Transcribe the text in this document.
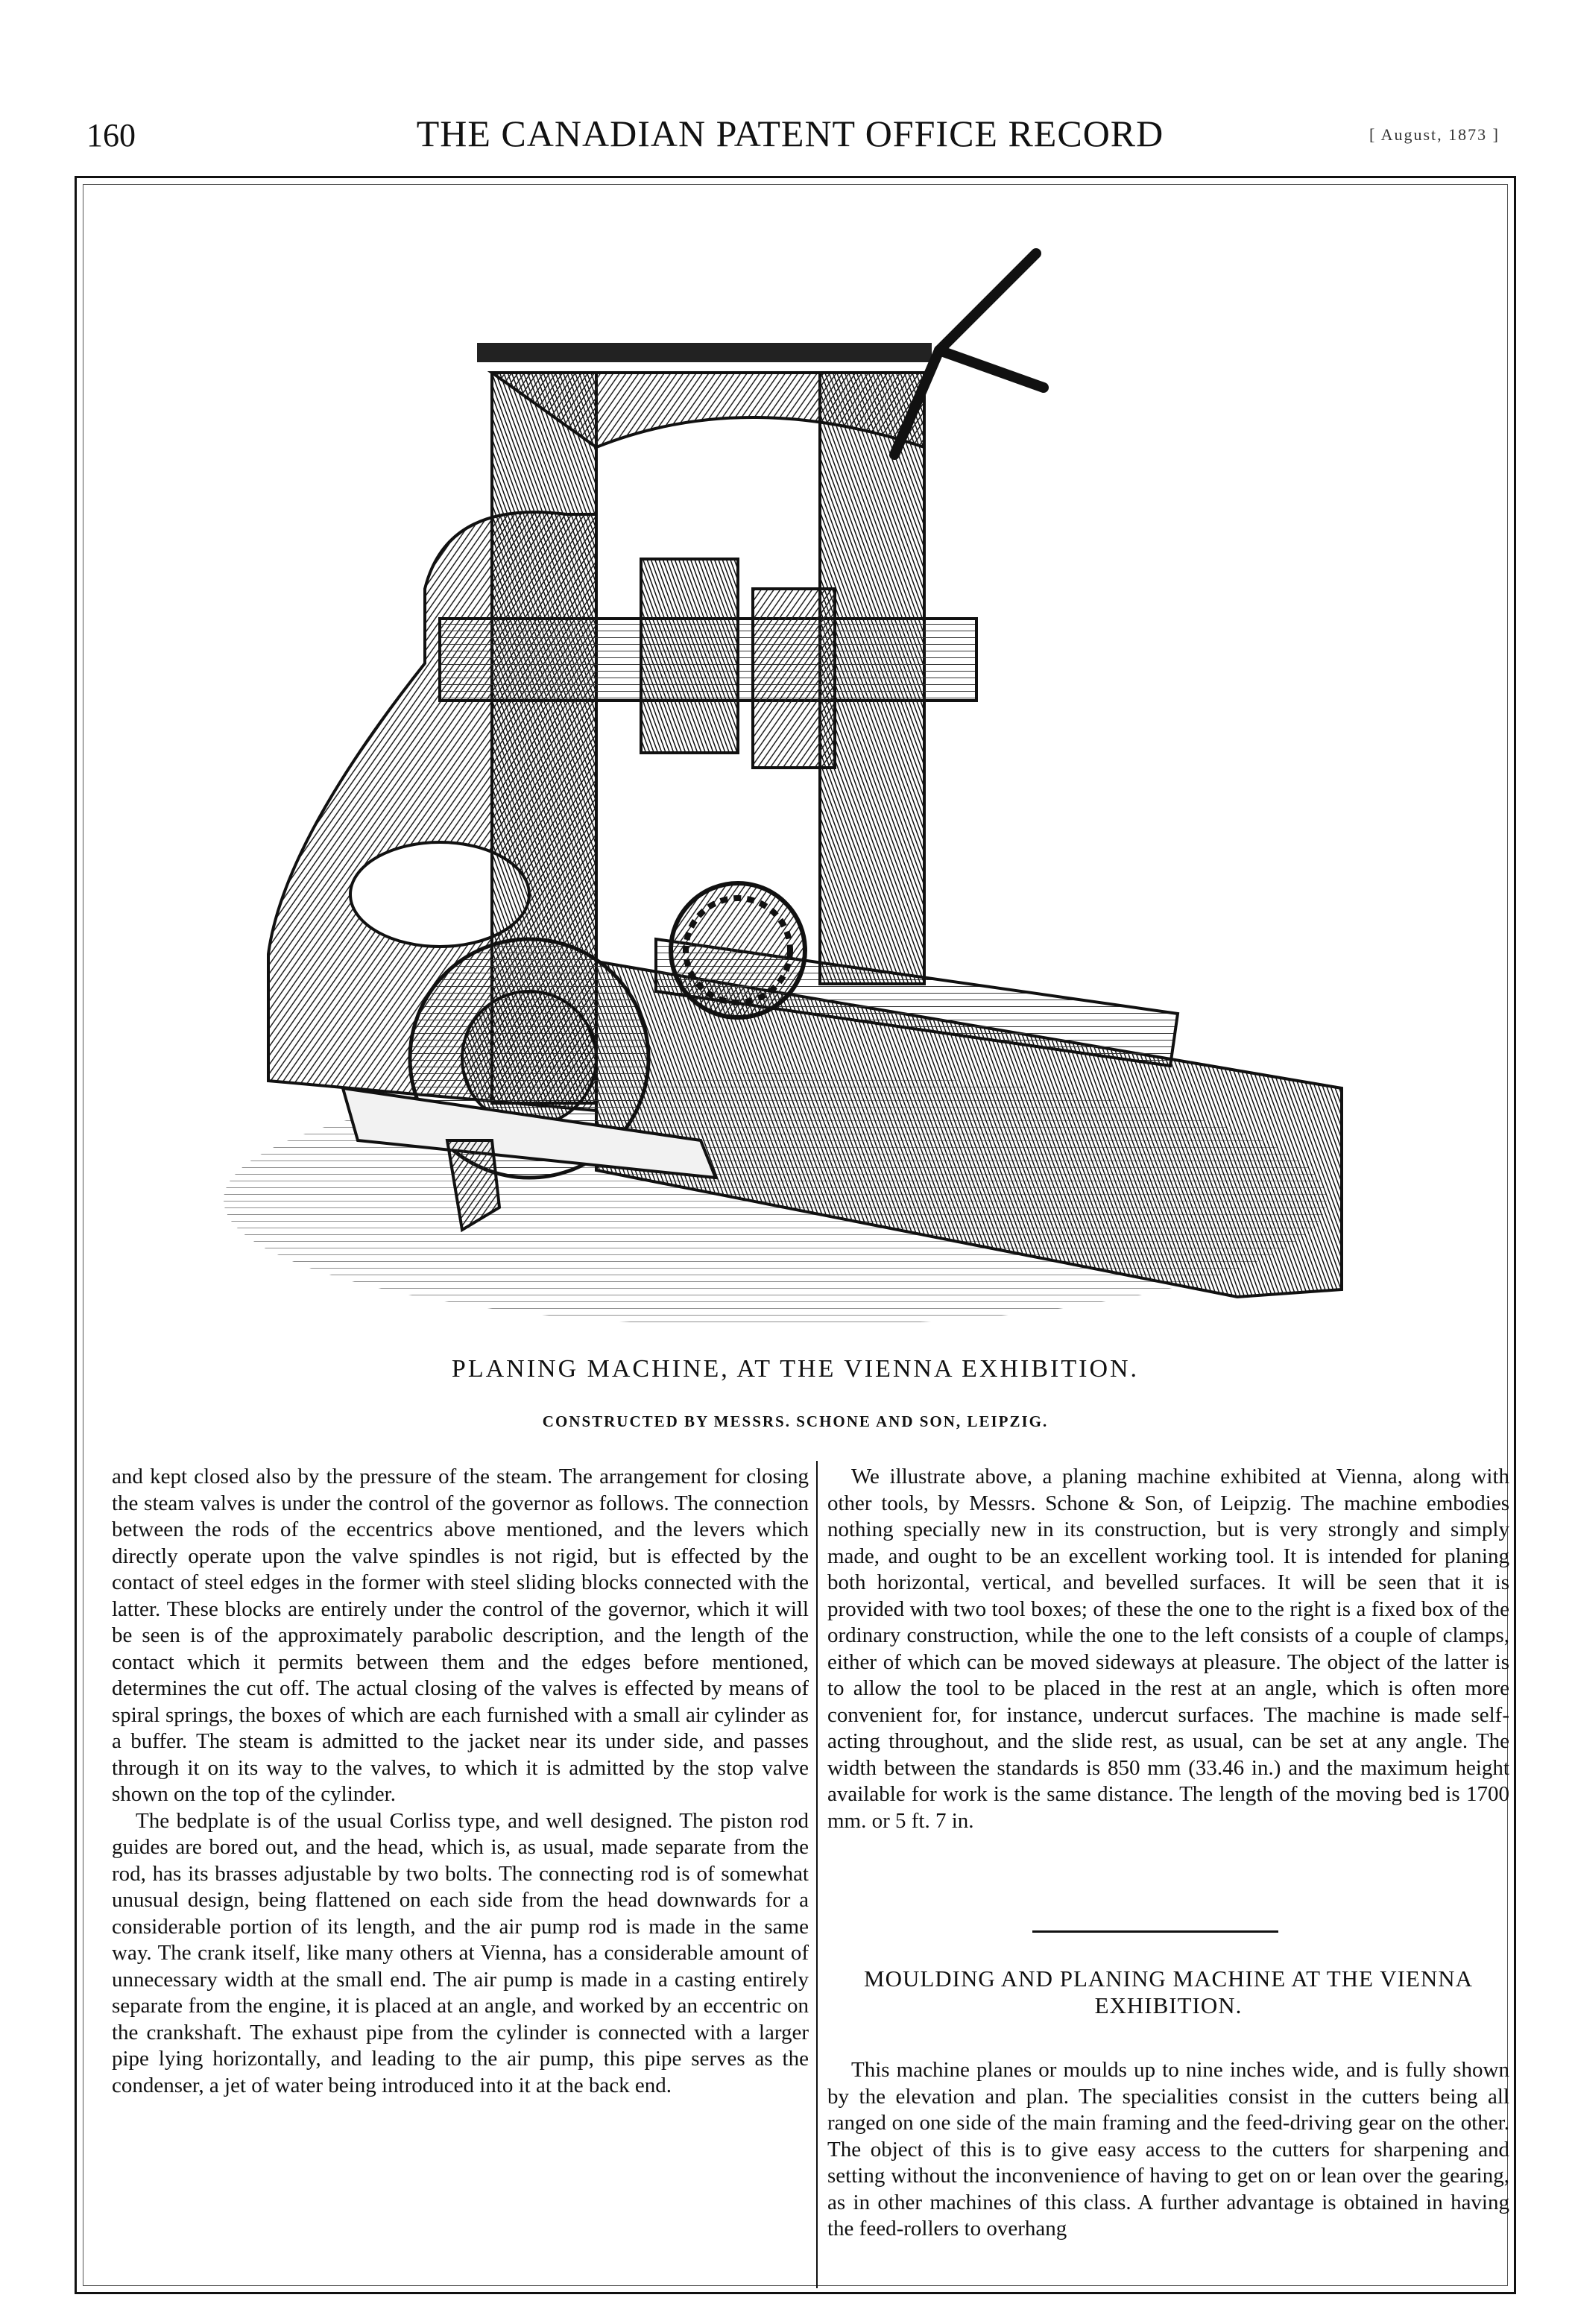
160	THE CANADIAN PATENT OFFICE RECORD	[ August, 1873 ]
PLANING MACHINE, AT THE VIENNA EXHIBITION.
CONSTRUCTED BY MESSRS. SCHONE AND SON, LEIPZIG.

and kept closed also by the pressure of the steam. The arrangement for closing the steam valves is under the control of the governor as follows. The connection between the rods of the eccentrics above mentioned, and the levers which directly operate upon the valve spindles is not rigid, but is effected by the contact of steel edges in the former with steel sliding blocks connected with the latter. These blocks are entirely under the control of the governor, which it will be seen is of the approximately parabolic description, and the length of the contact which it permits between them and the edges before mentioned, determines the cut off. The actual closing of the valves is effected by means of spiral springs, the boxes of which are each furnished with a small air cylinder as a buffer. The steam is admitted to the jacket near its under side, and passes through it on its way to the valves, to which it is admitted by the stop valve shown on the top of the cylinder.

The bedplate is of the usual Corliss type, and well designed. The piston rod guides are bored out, and the head, which is, as usual, made separate from the rod, has its brasses adjustable by two bolts. The connecting rod is of somewhat unusual design, being flattened on each side from the head downwards for a considerable portion of its length, and the air pump rod is made in the same way. The crank itself, like many others at Vienna, has a considerable amount of unnecessary width at the small end. The air pump is made in a casting entirely separate from the engine, it is placed at an angle, and worked by an eccentric on the crankshaft. The exhaust pipe from the cylinder is connected with a larger pipe lying horizontally, and leading to the air pump, this pipe serves as the condenser, a jet of water being introduced into it at the back end.

We illustrate above, a planing machine exhibited at Vienna, along with other tools, by Messrs. Schone & Son, of Leipzig. The machine embodies nothing specially new in its construction, but is very strongly and simply made, and ought to be an excellent working tool. It is intended for planing both horizontal, vertical, and bevelled surfaces. It will be seen that it is provided with two tool boxes; of these the one to the right is a fixed box of the ordinary construction, while the one to the left consists of a couple of clamps, either of which can be moved sideways at pleasure. The object of the latter is to allow the tool to be placed in the rest at an angle, which is often more convenient for, for instance, undercut surfaces. The machine is made self-acting throughout, and the slide rest, as usual, can be set at any angle. The width between the standards is 850 mm (33.46 in.) and the maximum height available for work is the same distance. The length of the moving bed is 1700 mm. or 5 ft. 7 in.

MOULDING AND PLANING MACHINE AT THE VIENNA EXHIBITION.

This machine planes or moulds up to nine inches wide, and is fully shown by the elevation and plan. The specialities consist in the cutters being all ranged on one side of the main framing and the feed-driving gear on the other. The object of this is to give easy access to the cutters for sharpening and setting without the inconvenience of having to get on or lean over the gearing, as in other machines of this class. A further advantage is obtained in having the feed-rollers to overhang
